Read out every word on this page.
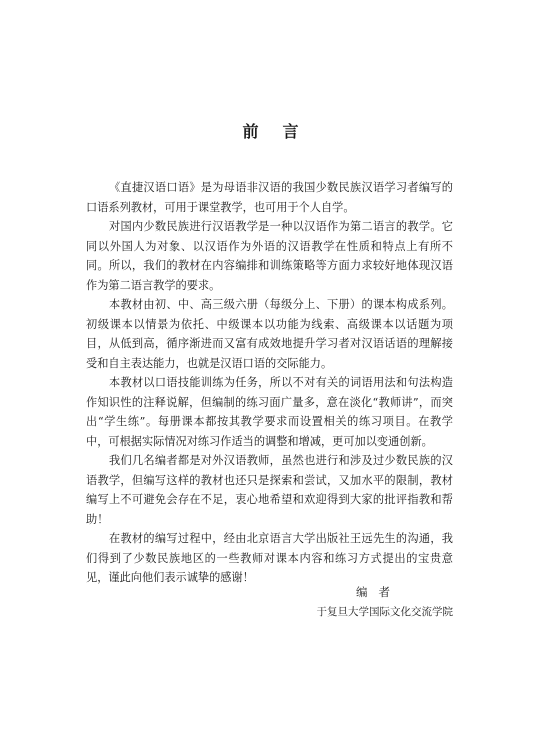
前言

《直捷汉语口语》是为母语非汉语的我国少数民族汉语学习者编写的口语系列教材，可用于课堂教学，也可用于个人自学。

对国内少数民族进行汉语教学是一种以汉语作为第二语言的教学。它同以外国人为对象、以汉语作为外语的汉语教学在性质和特点上有所不同。所以，我们的教材在内容编排和训练策略等方面力求较好地体现汉语作为第二语言教学的要求。

本教材由初、中、高三级六册（每级分上、下册）的课本构成系列。初级课本以情景为依托、中级课本以功能为线索、高级课本以话题为项目，从低到高，循序渐进而又富有成效地提升学习者对汉语话语的理解接受和自主表达能力，也就是汉语口语的交际能力。

本教材以口语技能训练为任务，所以不对有关的词语用法和句法构造作知识性的注释说解，但编制的练习面广量多，意在淡化“教师讲”，而突出“学生练”。每册课本都按其教学要求而设置相关的练习项目。在教学中，可根据实际情况对练习作适当的调整和增减，更可加以变通创新。

我们几名编者都是对外汉语教师，虽然也进行和涉及过少数民族的汉语教学，但编写这样的教材也还只是探索和尝试，又加水平的限制，教材编写上不可避免会存在不足，衷心地希望和欢迎得到大家的批评指教和帮助！

在教材的编写过程中，经由北京语言大学出版社王远先生的沟通，我们得到了少数民族地区的一些教师对课本内容和练习方式提出的宝贵意见，谨此向他们表示诚挚的感谢！

编者
于复旦大学国际文化交流学院
